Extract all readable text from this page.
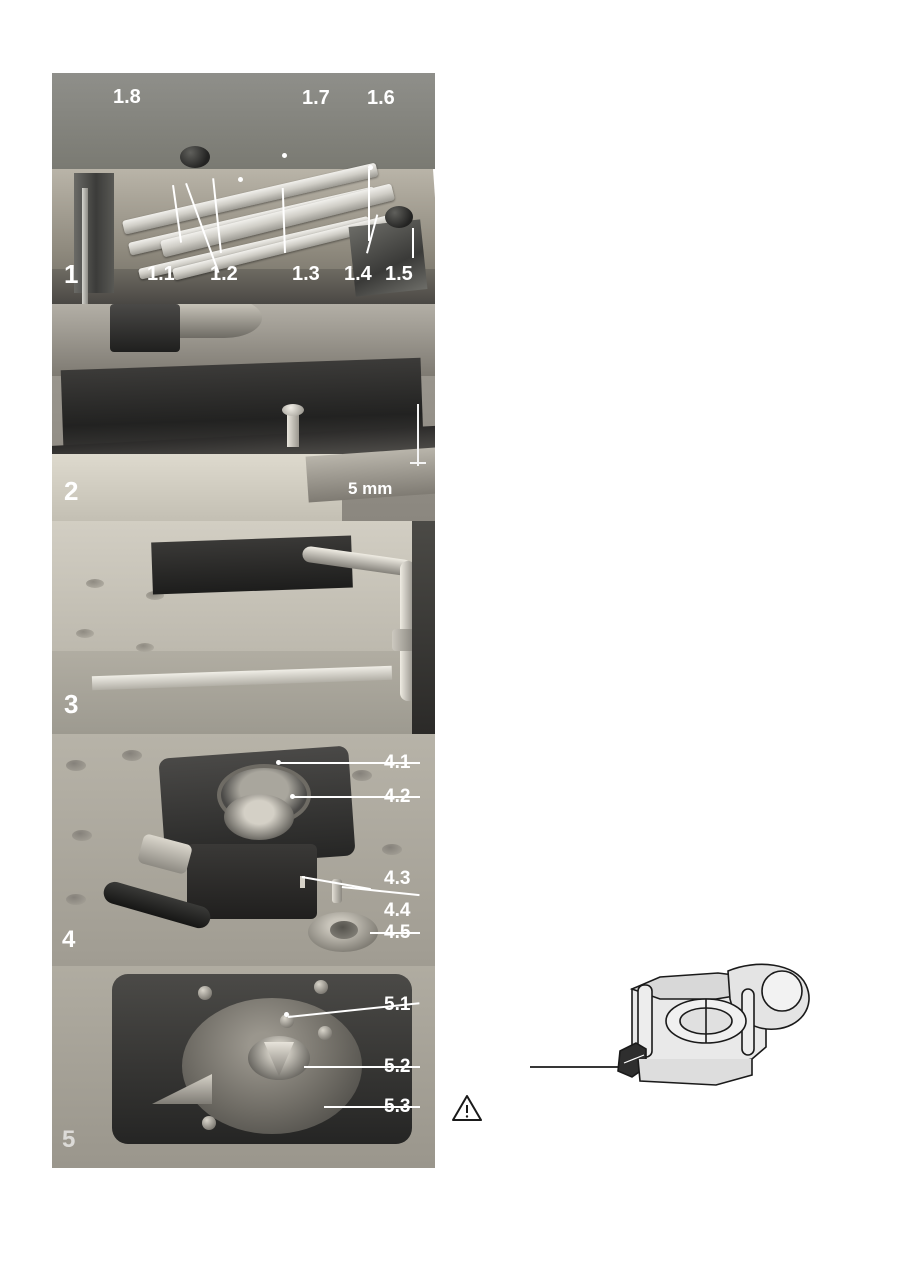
1.8	1.7 1.6
1.1 1.2	1.3 1.4 1.5
1
5 mm
2
3
4.1
4.2
4.3
4.4
4.5
4
5.1
5.2
5.3
5
